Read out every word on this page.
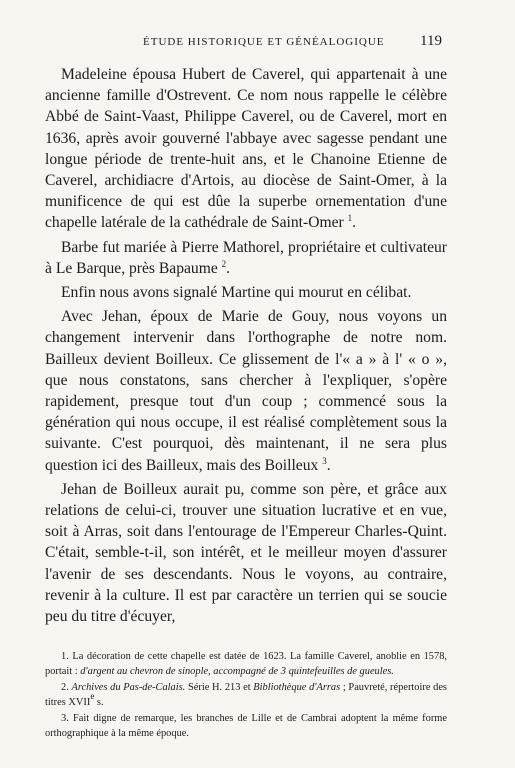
ÉTUDE HISTORIQUE ET GÉNÉALOGIQUE 119

Madeleine épousa Hubert de Caverel, qui appartenait à une ancienne famille d'Ostrevent. Ce nom nous rappelle le célèbre Abbé de Saint-Vaast, Philippe Caverel, ou de Caverel, mort en 1636, après avoir gouverné l'abbaye avec sagesse pendant une longue période de trente-huit ans, et le Chanoine Etienne de Caverel, archidiacre d'Artois, au diocèse de Saint-Omer, à la munificence de qui est dûe la superbe ornementation d'une chapelle latérale de la cathédrale de Saint-Omer $^1$.

Barbe fut mariée à Pierre Mathorel, propriétaire et cultivateur à Le Barque, près Bapaume $^2$.

Enfin nous avons signalé Martine qui mourut en célibat.

Avec Jehan, époux de Marie de Gouy, nous voyons un changement intervenir dans l'orthographe de notre nom. Bailleux devient Boilleux. Ce glissement de l'« a » à l' « o », que nous constatons, sans chercher à l'expliquer, s'opère rapidement, presque tout d'un coup ; commencé sous la génération qui nous occupe, il est réalisé complètement sous la suivante. C'est pourquoi, dès maintenant, il ne sera plus question ici des Bailleux, mais des Boilleux $^3$.

Jehan de Boilleux aurait pu, comme son père, et grâce aux relations de celui-ci, trouver une situation lucrative et en vue, soit à Arras, soit dans l'entourage de l'Empereur Charles-Quint. C'était, semble-t-il, son intérêt, et le meilleur moyen d'assurer l'avenir de ses descendants. Nous le voyons, au contraire, revenir à la culture. Il est par caractère un terrien qui se soucie peu du titre d'écuyer,

1. La décoration de cette chapelle est datée de 1623. La famille Caverel, anoblie en 1578, portait : d'argent au chevron de sinople, accompagné de 3 quintefeuilles de gueules.

2. Archives du Pas-de-Calais. Série H. 213 et Bibliothèque d'Arras ; Pauvreté, répertoire des titres XVIIe s.

3. Fait digne de remarque, les branches de Lille et de Cambrai adoptent la même forme orthographique à la même époque.
